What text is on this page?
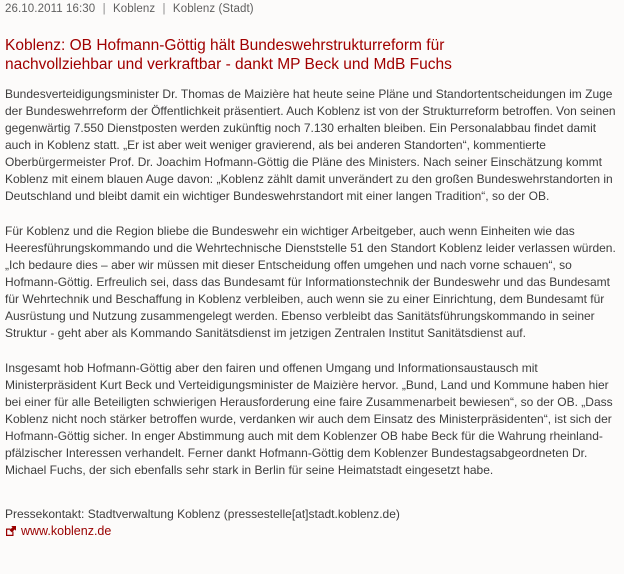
26.10.2011 16:30 | Koblenz | Koblenz (Stadt)
Koblenz: OB Hofmann-Göttig hält Bundeswehrstrukturreform für nachvollziehbar und verkraftbar - dankt MP Beck und MdB Fuchs

Bundesverteidigungsminister Dr. Thomas de Maizière hat heute seine Pläne und Standortentscheidungen im Zuge der Bundeswehrreform der Öffentlichkeit präsentiert. Auch Koblenz ist von der Strukturreform betroffen. Von seinen gegenwärtig 7.550 Dienstposten werden zukünftig noch 7.130 erhalten bleiben. Ein Personalabbau findet damit auch in Koblenz statt. „Er ist aber weit weniger gravierend, als bei anderen Standorten“, kommentierte Oberbürgermeister Prof. Dr. Joachim Hofmann-Göttig die Pläne des Ministers. Nach seiner Einschätzung kommt Koblenz mit einem blauen Auge davon: „Koblenz zählt damit unverändert zu den großen Bundeswehrstandorten in Deutschland und bleibt damit ein wichtiger Bundeswehrstandort mit einer langen Tradition“, so der OB.

Für Koblenz und die Region bliebe die Bundeswehr ein wichtiger Arbeitgeber, auch wenn Einheiten wie das Heeresführungskommando und die Wehrtechnische Dienststelle 51 den Standort Koblenz leider verlassen würden. „Ich bedaure dies – aber wir müssen mit dieser Entscheidung offen umgehen und nach vorne schauen“, so Hofmann-Göttig. Erfreulich sei, dass das Bundesamt für Informationstechnik der Bundeswehr und das Bundesamt für Wehrtechnik und Beschaffung in Koblenz verbleiben, auch wenn sie zu einer Einrichtung, dem Bundesamt für Ausrüstung und Nutzung zusammengelegt werden. Ebenso verbleibt das Sanitätsführungskommando in seiner Struktur - geht aber als Kommando Sanitätsdienst im jetzigen Zentralen Institut Sanitätsdienst auf.

Insgesamt hob Hofmann-Göttig aber den fairen und offenen Umgang und Informationsaustausch mit Ministerpräsident Kurt Beck und Verteidigungsminister de Maizière hervor. „Bund, Land und Kommune haben hier bei einer für alle Beteiligten schwierigen Herausforderung eine faire Zusammenarbeit bewiesen“, so der OB. „Dass Koblenz nicht noch stärker betroffen wurde, verdanken wir auch dem Einsatz des Ministerpräsidenten“, ist sich der Hofmann-Göttig sicher. In enger Abstimmung auch mit dem Koblenzer OB habe Beck für die Wahrung rheinland-pfälzischer Interessen verhandelt. Ferner dankt Hofmann-Göttig dem Koblenzer Bundestagsabgeordneten Dr. Michael Fuchs, der sich ebenfalls sehr stark in Berlin für seine Heimatstadt eingesetzt habe.

Pressekontakt: Stadtverwaltung Koblenz (pressestelle[at]stadt.koblenz.de)
www.koblenz.de
